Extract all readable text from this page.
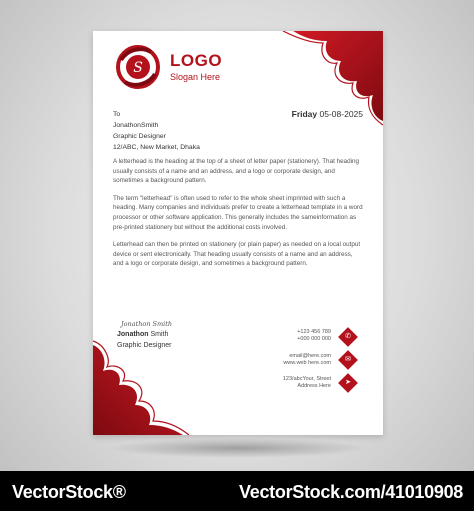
S LOGO
Slogan Here
Friday 05-08-2025
To
JonathonSmith
Graphic Designer
12/ABC, New Market, Dhaka

A letterhead is the heading at the top of a sheet of letter paper (stationery). That heading usually consists of a name and an address, and a logo or corporate design, and sometimes a background pattern.

The term "letterhead" is often used to refer to the whole sheet imprinted with such a heading. Many companies and individuals prefer to create a letterhead template in a word processor or other software application. This generally includes the sameinformation as pre-printed stationery but without the additional costs involved.

Letterhead can then be printed on stationery (or plain paper) as needed on a local output device or sent electronically. That heading usually consists of a name and an address, and a logo or corporate design, and sometimes a background pattern.

Jonathon Smith
Jonathon Smith
Graphic Designer
+123 456 789
+000 000 000	✆
email@here.com
www.web here.com	✉
123/abcYour, Street
Address Here	➤
VectorStock®	VectorStock.com/41010908
